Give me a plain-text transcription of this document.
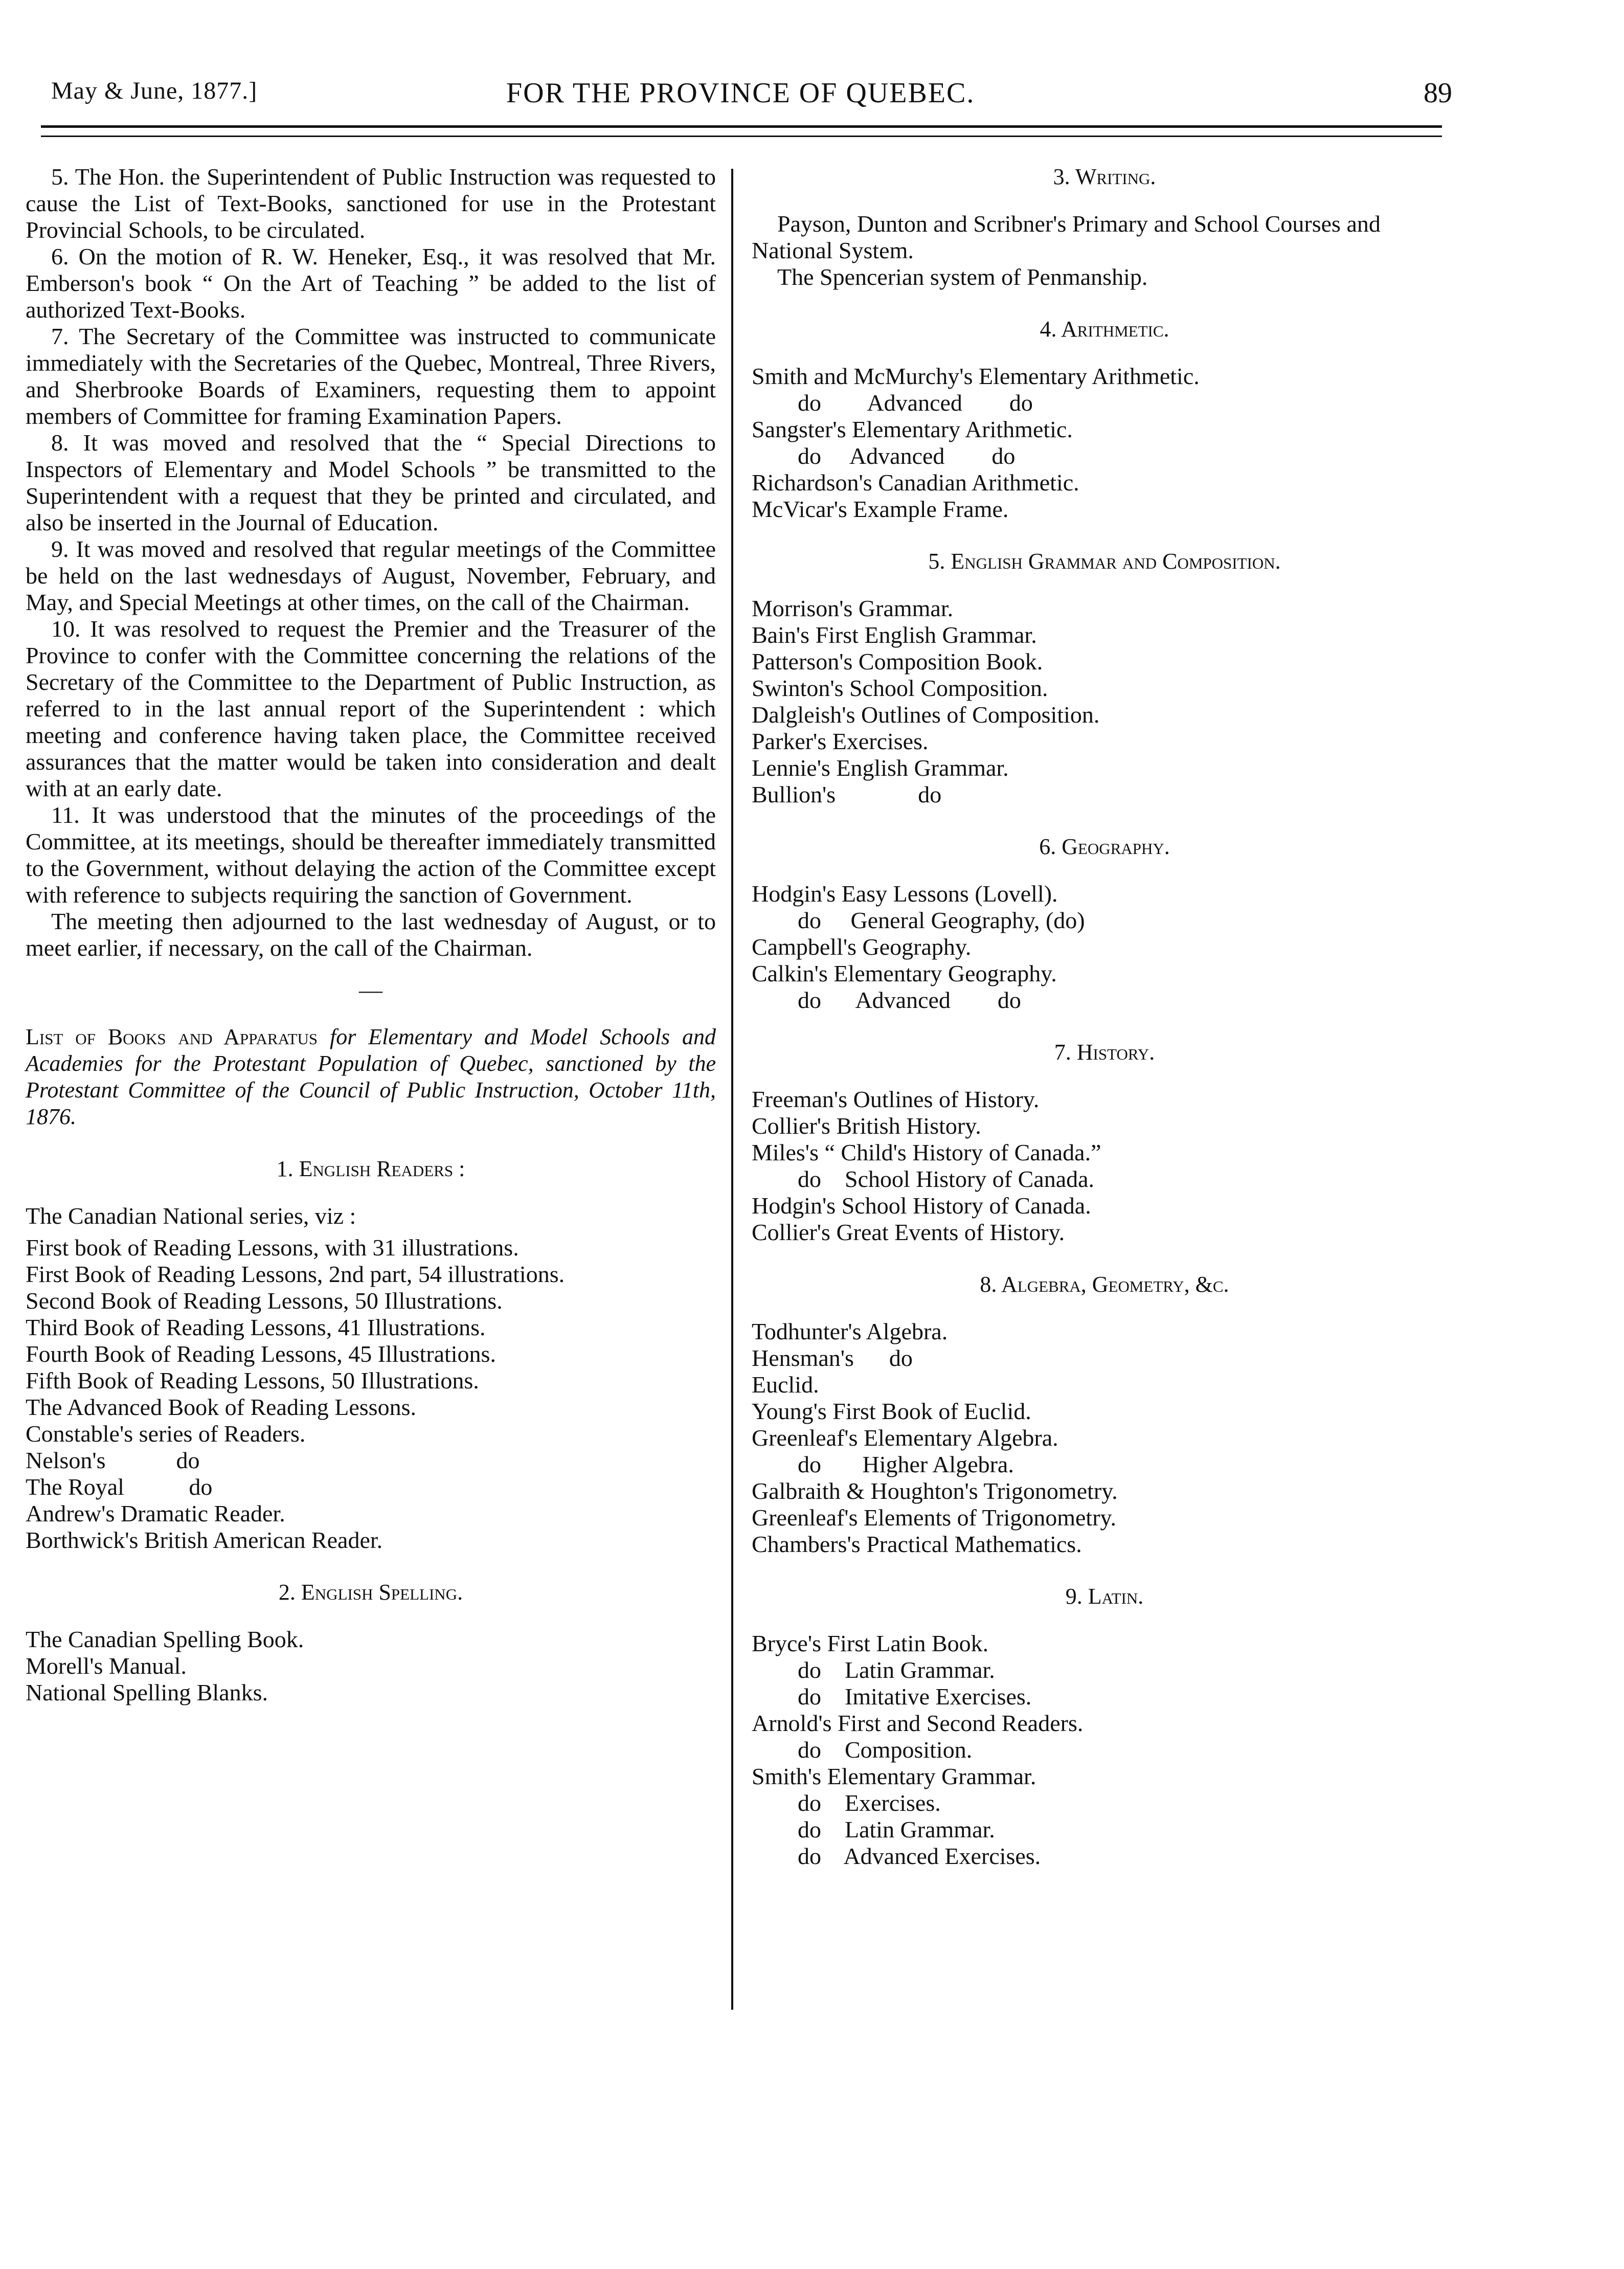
May & June, 1877.]	FOR THE PROVINCE OF QUEBEC.	89

5. The Hon. the Superintendent of Public Instruction was requested to cause the List of Text-Books, sanctioned for use in the Protestant Provincial Schools, to be circulated.

6. On the motion of R. W. Heneker, Esq., it was resolved that Mr. Emberson's book “ On the Art of Teaching ” be added to the list of authorized Text-Books.

7. The Secretary of the Committee was instructed to communicate immediately with the Secretaries of the Quebec, Montreal, Three Rivers, and Sherbrooke Boards of Examiners, requesting them to appoint members of Committee for framing Examination Papers.

8. It was moved and resolved that the “ Special Directions to Inspectors of Elementary and Model Schools ” be transmitted to the Superintendent with a request that they be printed and circulated, and also be inserted in the Journal of Education.

9. It was moved and resolved that regular meetings of the Committee be held on the last wednesdays of August, November, February, and May, and Special Meetings at other times, on the call of the Chairman.

10. It was resolved to request the Premier and the Treasurer of the Province to confer with the Committee concerning the relations of the Secretary of the Committee to the Department of Public Instruction, as referred to in the last annual report of the Superintendent : which meeting and conference having taken place, the Committee received assurances that the matter would be taken into consideration and dealt with at an early date.

11. It was understood that the minutes of the proceedings of the Committee, at its meetings, should be thereafter immediately transmitted to the Government, without delaying the action of the Committee except with reference to subjects requiring the sanction of Government.

The meeting then adjourned to the last wednesday of August, or to meet earlier, if necessary, on the call of the Chairman.

—

List of Books and Apparatus for Elementary and Model Schools and Academies for the Protestant Population of Quebec, sanctioned by the Protestant Committee of the Council of Public Instruction, October 11th, 1876.

1. English Readers :

The Canadian National series, viz :

First book of Reading Lessons, with 31 illustrations.

First Book of Reading Lessons, 2nd part, 54 illustrations.

Second Book of Reading Lessons, 50 Illustrations.

Third Book of Reading Lessons, 41 Illustrations.

Fourth Book of Reading Lessons, 45 Illustrations.

Fifth Book of Reading Lessons, 50 Illustrations.

The Advanced Book of Reading Lessons.

Constable's series of Readers.

Nelson's            do

The Royal           do

Andrew's Dramatic Reader.

Borthwick's British American Reader.

2. English Spelling.

The Canadian Spelling Book.

Morell's Manual.

National Spelling Blanks.

3. Writing.

Payson, Dunton and Scribner's Primary and School Courses and National System.

The Spencerian system of Penmanship.

4. Arithmetic.

Smith and McMurchy's Elementary Arithmetic.

do        Advanced        do

Sangster's Elementary Arithmetic.

do     Advanced        do

Richardson's Canadian Arithmetic.

McVicar's Example Frame.

5. English Grammar and Composition.

Morrison's Grammar.

Bain's First English Grammar.

Patterson's Composition Book.

Swinton's School Composition.

Dalgleish's Outlines of Composition.

Parker's Exercises.

Lennie's English Grammar.

Bullion's              do

6. Geography.

Hodgin's Easy Lessons (Lovell).

do     General Geography, (do)

Campbell's Geography.

Calkin's Elementary Geography.

do      Advanced        do

7. History.

Freeman's Outlines of History.

Collier's British History.

Miles's “ Child's History of Canada.”

do    School History of Canada.

Hodgin's School History of Canada.

Collier's Great Events of History.

8. Algebra, Geometry, &c.

Todhunter's Algebra.

Hensman's      do

Euclid.

Young's First Book of Euclid.

Greenleaf's Elementary Algebra.

do       Higher Algebra.

Galbraith & Houghton's Trigonometry.

Greenleaf's Elements of Trigonometry.

Chambers's Practical Mathematics.

9. Latin.

Bryce's First Latin Book.

do    Latin Grammar.

do    Imitative Exercises.

Arnold's First and Second Readers.

do    Composition.

Smith's Elementary Grammar.

do    Exercises.

do    Latin Grammar.

do    Advanced Exercises.
